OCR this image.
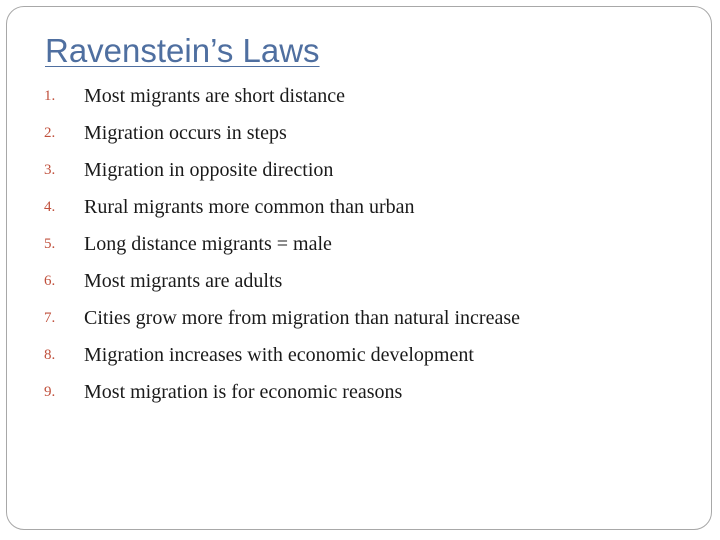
Ravenstein’s Laws
1.	Most migrants are short distance
2.	Migration occurs in steps
3.	Migration in opposite direction
4.	Rural migrants more common than urban
5.	Long distance migrants = male
6.	Most migrants are adults
7.	Cities grow more from migration than natural increase
8.	Migration increases with economic development
9.	Most migration is for economic reasons
